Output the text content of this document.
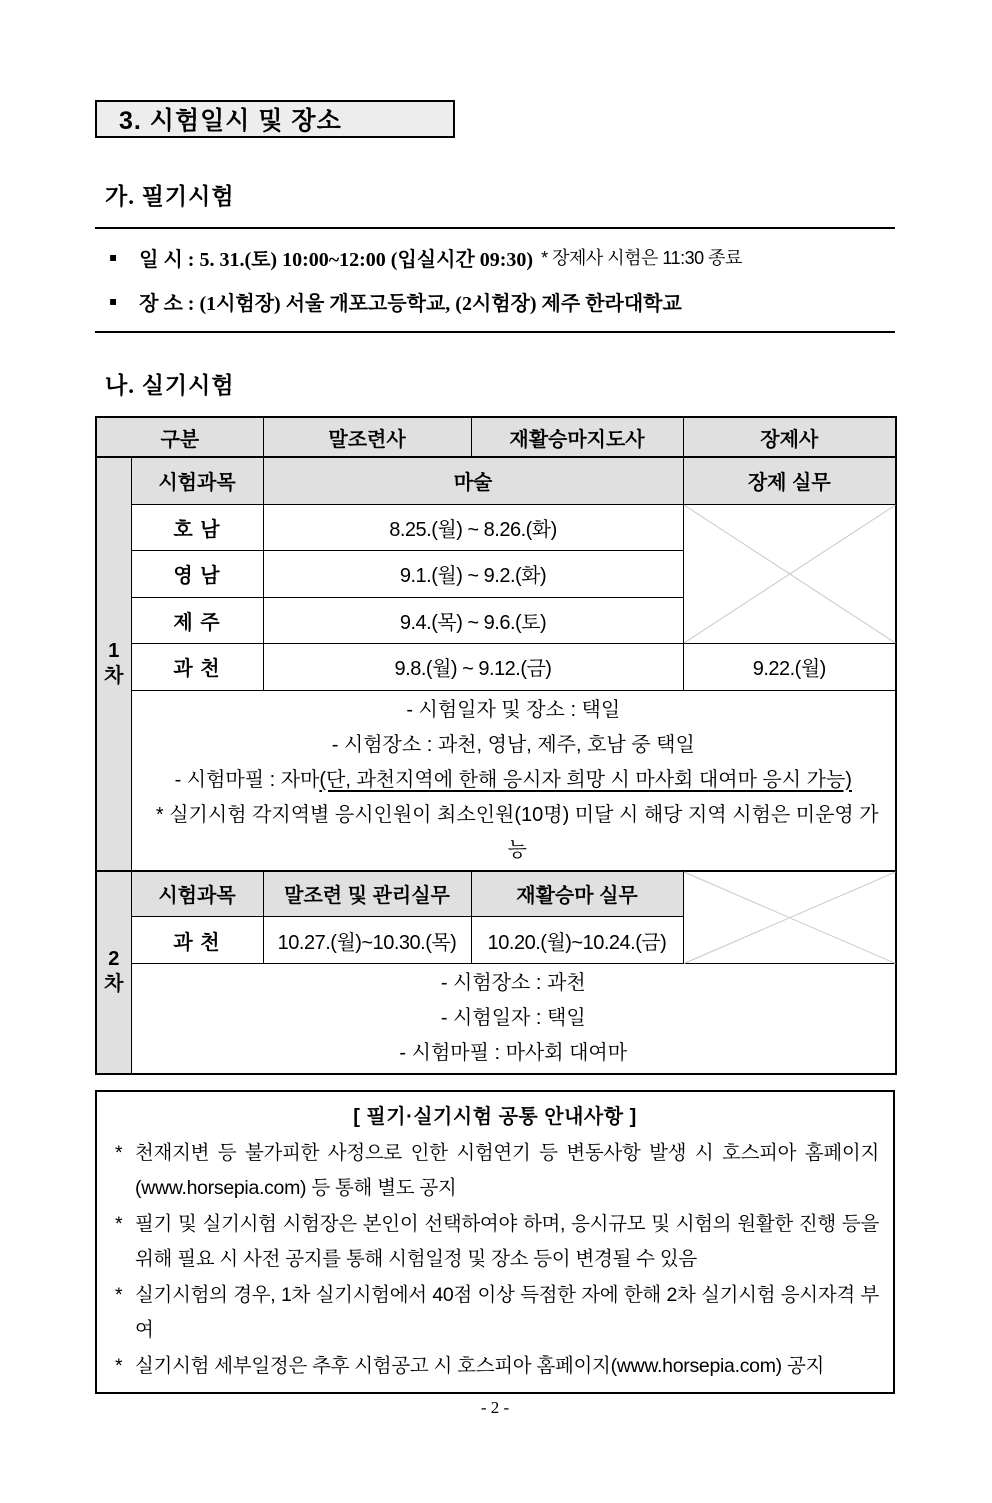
3. 시험일시 및 장소
가. 필기시험
▪ 일 시 : 5. 31.(토) 10:00~12:00 (입실시간 09:30) * 장제사 시험은 11:30 종료
▪ 장 소 : (1시험장) 서울 개포고등학교, (2시험장) 제주 한라대학교
나. 실기시험
구분		말조련사	재활승마지도사	장제사

1
차	시험과목	마술		장제 실무
	호 남	8.25.(월) ~ 8.26.(화)	

	영 남	9.1.(월) ~ 9.2.(화)		
	제 주	9.4.(목) ~ 9.6.(토)		
	과 천	9.8.(월) ~ 9.12.(금)		9.22.(월)

	- 시험일자 및 장소 : 택일
- 시험장소 : 과천, 영남, 제주, 호남 중 택일
- 시험마필 : 자마(단, 과천지역에 한해 응시자 희망 시 마사회 대여마 응시 가능)
* 실기시험 각지역별 응시인원이 최소인원(10명) 미달 시 해당 지역 시험은 미운영 가능			

2
차	시험과목	말조련 및 관리실무	재활승마 실무	

	과 천	10.27.(월)~10.30.(목)	10.20.(월)~10.24.(금)	

	- 시험장소 : 과천
- 시험일자 : 택일
- 시험마필 : 마사회 대여마			
[ 필기·실기시험 공통 안내사항 ]
* 천재지변 등 불가피한 사정으로 인한 시험연기 등 변동사항 발생 시 호스피아 홈페이지(www.horsepia.com) 등 통해 별도 공지
* 필기 및 실기시험 시험장은 본인이 선택하여야 하며, 응시규모 및 시험의 원활한 진행 등을 위해 필요 시 사전 공지를 통해 시험일정 및 장소 등이 변경될 수 있음
* 실기시험의 경우, 1차 실기시험에서 40점 이상 득점한 자에 한해 2차 실기시험 응시자격 부여
* 실기시험 세부일정은 추후 시험공고 시 호스피아 홈페이지(www.horsepia.com) 공지
- 2 -
